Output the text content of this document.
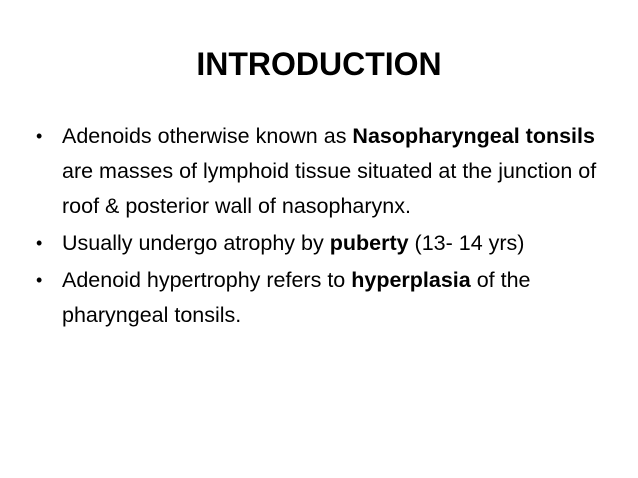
INTRODUCTION
• Adenoids otherwise known as Nasopharyngeal tonsils are masses of lymphoid tissue situated at the junction of roof & posterior wall of nasopharynx.
• Usually undergo atrophy by puberty (13- 14 yrs)
• Adenoid hypertrophy refers to hyperplasia of the pharyngeal tonsils.
